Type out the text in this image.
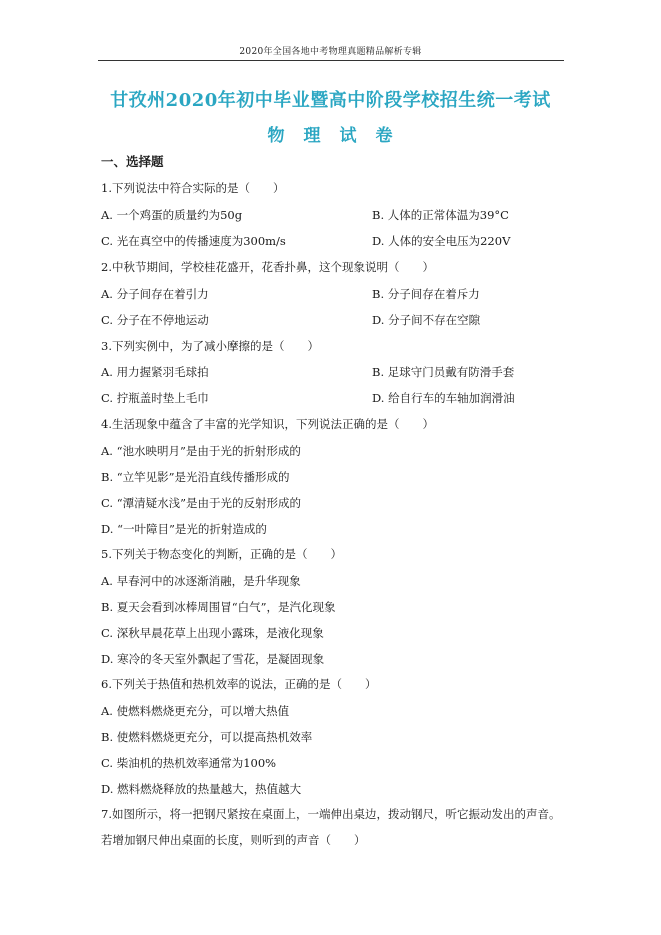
2020年全国各地中考物理真题精品解析专辑
甘孜州2020年初中毕业暨高中阶段学校招生统一考试
物 理 试 卷
一、选择题
1.下列说法中符合实际的是（　　）
A. 一个鸡蛋的质量约为50g	B. 人体的正常体温为39°C
C. 光在真空中的传播速度为300m/s	D. 人体的安全电压为220V
2.中秋节期间，学校桂花盛开，花香扑鼻，这个现象说明（　　）
A. 分子间存在着引力	B. 分子间存在着斥力
C. 分子在不停地运动	D. 分子间不存在空隙
3.下列实例中，为了减小摩擦的是（　　）
A. 用力握紧羽毛球拍	B. 足球守门员戴有防滑手套
C. 拧瓶盖时垫上毛巾	D. 给自行车的车轴加润滑油
4.生活现象中蕴含了丰富的光学知识，下列说法正确的是（　　）
A. “池水映明月”是由于光的折射形成的
B. “立竿见影”是光沿直线传播形成的
C. “潭清疑水浅”是由于光的反射形成的
D. “一叶障目”是光的折射造成的
5.下列关于物态变化的判断，正确的是（　　）
A. 早春河中的冰逐渐消融，是升华现象
B. 夏天会看到冰棒周围冒“白气”，是汽化现象
C. 深秋早晨花草上出现小露珠，是液化现象
D. 寒冷的冬天室外飘起了雪花，是凝固现象
6.下列关于热值和热机效率的说法，正确的是（　　）
A. 使燃料燃烧更充分，可以增大热值
B. 使燃料燃烧更充分，可以提高热机效率
C. 柴油机的热机效率通常为100%
D. 燃料燃烧释放的热量越大，热值越大
7.如图所示，将一把钢尺紧按在桌面上，一端伸出桌边，拨动钢尺，听它振动发出的声音。
若增加钢尺伸出桌面的长度，则听到的声音（　　）
